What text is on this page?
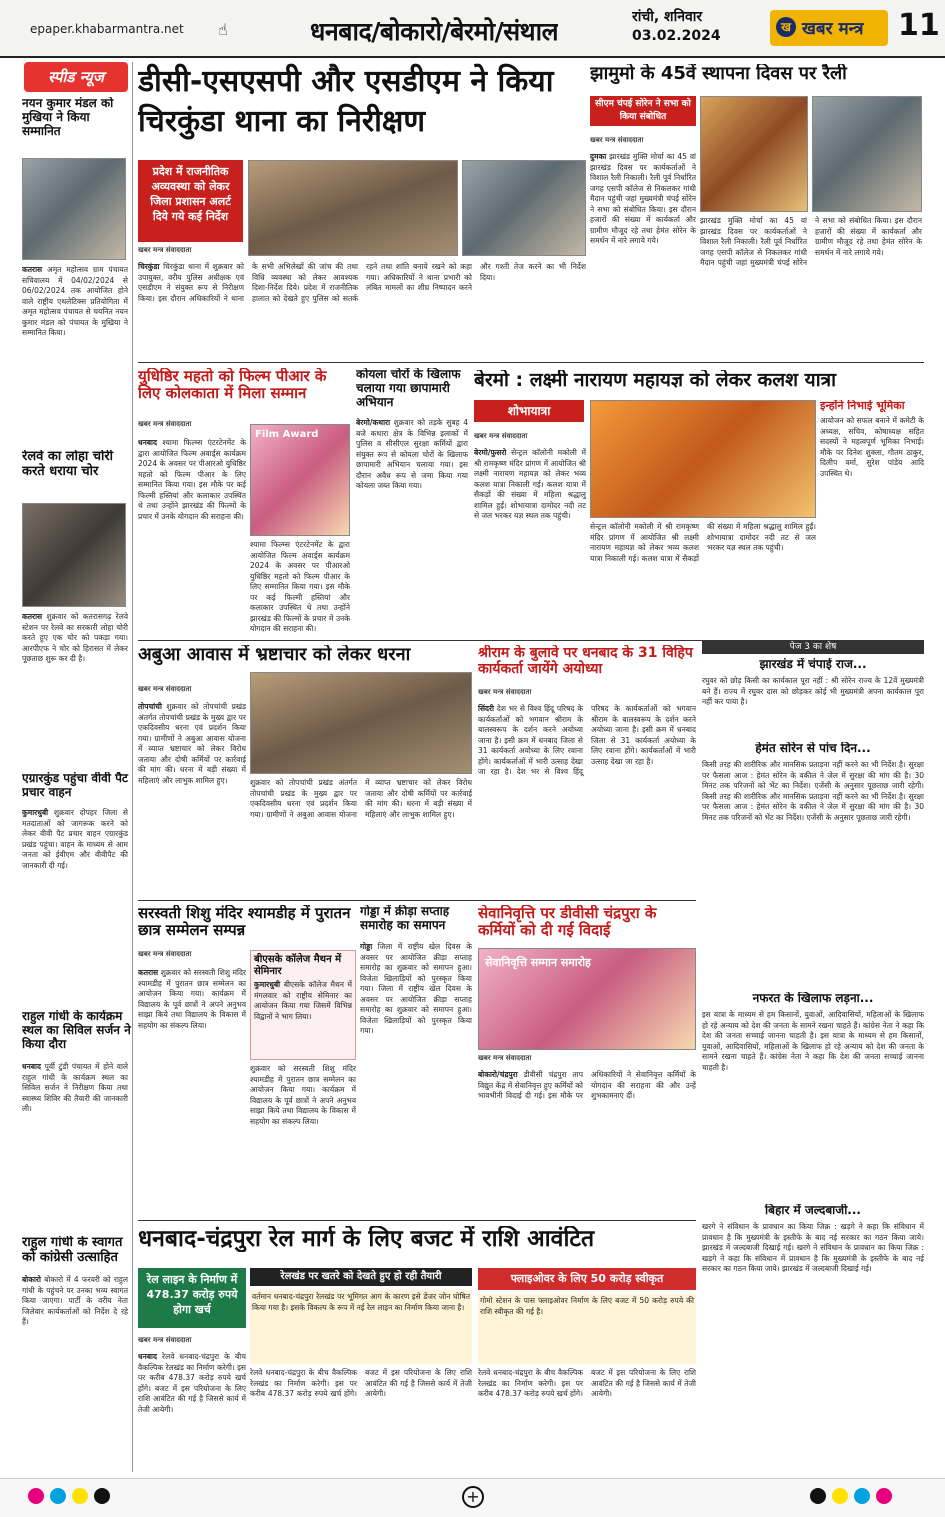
epaper.khabarmantra.net ☝	धनबाद/बोकारो/बेरमो/संथाल	रांची, शनिवार
03.02.2024
ख खबर मन्त्र 11
स्पीड न्यूज
नयन कुमार मंडल को मुखिया ने किया सम्मानित
कतरास अमृत महोत्सव ग्राम पंचायत सचिवालय में 04/02/2024 से 06/02/2024 तक आयोजित होने वाले राष्ट्रीय एथलेटिक्स प्रतियोगिता में अमृत महोत्सव पंचायत से चयनित नयन कुमार मंडल को पंचायत के मुखिया ने सम्मानित किया।
रेलवे का लोहा चोरी करते धराया चोर
कतरास शुक्रवार को कतरासगढ़ रेलवे स्टेशन पर रेलवे का सरकारी लोहा चोरी करते हुए एक चोर को पकड़ा गया। आरपीएफ ने चोर को हिरासत में लेकर पूछताछ शुरू कर दी है।
एग्रारकुंड पहुंचा वीवी पैट प्रचार वाहन
कुमारधुबी शुक्रवार दोपहर जिला से मतदाताओं को जागरूक करने को लेकर वीवी पैट प्रचार वाहन एग्रारकुंड प्रखंड पहुंचा। वाहन के माध्यम से आम जनता को ईवीएम और वीवीपैट की जानकारी दी गई।
राहुल गांधी के कार्यक्रम स्थल का सिविल सर्जन ने किया दौरा
धनबाद पूर्वी टुंडी पंचायत में होने वाले राहुल गांधी के कार्यक्रम स्थल का सिविल सर्जन ने निरीक्षण किया तथा स्वास्थ्य शिविर की तैयारी की जानकारी ली।
राहुल गांधी के स्वागत को कांग्रेसी उत्साहित
बोकारो बोकारो में 4 फरवरी को राहुल गांधी के पहुंचने पर उनका भव्य स्वागत किया जाएगा। पार्टी के वरीय नेता जिलेवार कार्यकर्ताओं को निर्देश दे रहे हैं।
डीसी-एसएसपी और एसडीएम ने किया चिरकुंडा थाना का निरीक्षण
प्रदेश में राजनीतिक अव्यवस्था को लेकर जिला प्रशासन अलर्ट दिये गये कई निर्देश
खबर मन्त्र संवाददाता
चिरकुंडा चिरकुंडा थाना में शुक्रवार को उपायुक्त, वरीय पुलिस अधीक्षक एवं एसडीएम ने संयुक्त रूप से निरीक्षण किया। इस दौरान अधिकारियों ने थाना के सभी अभिलेखों की जांच की तथा विधि व्यवस्था को लेकर आवश्यक दिशा-निर्देश दिये। प्रदेश में राजनीतिक हालात को देखते हुए पुलिस को सतर्क रहने तथा शांति बनाये रखने को कहा गया। अधिकारियों ने थाना प्रभारी को लंबित मामलों का शीघ्र निष्पादन करने और गश्ती तेज करने का भी निर्देश दिया।
झामुमो के 45वें स्थापना दिवस पर रैली
सीएम चंपई सोरेन ने सभा को किया संबोधित
खबर मन्त्र संवाददाता
दुमका झारखंड मुक्ति मोर्चा का 45 वां झारखंड दिवस पर कार्यकर्ताओं ने विशाल रैली निकाली। रैली पूर्व निर्धारित जगह एसपी कॉलेज से निकलकर गांधी मैदान पहुंची जहां मुख्यमंत्री चंपई सोरेन ने सभा को संबोधित किया। इस दौरान हजारों की संख्या में कार्यकर्ता और ग्रामीण मौजूद रहे तथा हेमंत सोरेन के समर्थन में नारे लगाये गये।
झारखंड मुक्ति मोर्चा का 45 वां झारखंड दिवस पर कार्यकर्ताओं ने विशाल रैली निकाली। रैली पूर्व निर्धारित जगह एसपी कॉलेज से निकलकर गांधी मैदान पहुंची जहां मुख्यमंत्री चंपई सोरेन ने सभा को संबोधित किया। इस दौरान हजारों की संख्या में कार्यकर्ता और ग्रामीण मौजूद रहे तथा हेमंत सोरेन के समर्थन में नारे लगाये गये।
युधिष्ठिर महतो को फिल्म पीआर के लिए कोलकाता में मिला सम्मान
खबर मन्त्र संवाददाता
धनबाद श्यामा फिल्म्स एंटरटेनमेंट के द्वारा आयोजित फिल्म अवार्ड्स कार्यक्रम 2024 के अवसर पर पीआरओ युधिष्ठिर महतो को फिल्म पीआर के लिए सम्मानित किया गया। इस मौके पर कई फिल्मी हस्तियां और कलाकार उपस्थित थे तथा उन्होंने झारखंड की फिल्मों के प्रचार में उनके योगदान की सराहना की।
Film Award
श्यामा फिल्म्स एंटरटेनमेंट के द्वारा आयोजित फिल्म अवार्ड्स कार्यक्रम 2024 के अवसर पर पीआरओ युधिष्ठिर महतो को फिल्म पीआर के लिए सम्मानित किया गया। इस मौके पर कई फिल्मी हस्तियां और कलाकार उपस्थित थे तथा उन्होंने झारखंड की फिल्मों के प्रचार में उनके योगदान की सराहना की।
कोयला चोरों के खिलाफ चलाया गया छापामारी अभियान
बेरमो/कथारा शुक्रवार को तड़के सुबह 4 बजे कथारा क्षेत्र के विभिन्न इलाकों में पुलिस व सीसीएल सुरक्षा कर्मियों द्वारा संयुक्त रूप से कोयला चोरों के खिलाफ छापामारी अभियान चलाया गया। इस दौरान अवैध रूप से जमा किया गया कोयला जब्त किया गया।
बेरमो : लक्ष्मी नारायण महायज्ञ को लेकर कलश यात्रा
शोभायात्रा
खबर मन्त्र संवाददाता
बेरमो/फुसरो सेन्ट्रल कॉलोनी मकोली में श्री रामकृष्ण मंदिर प्रांगण में आयोजित श्री लक्ष्मी नारायण महायज्ञ को लेकर भव्य कलश यात्रा निकाली गई। कलश यात्रा में सैकड़ों की संख्या में महिला श्रद्धालु शामिल हुईं। शोभायात्रा दामोदर नदी तट से जल भरकर यज्ञ स्थल तक पहुंची।
सेन्ट्रल कॉलोनी मकोली में श्री रामकृष्ण मंदिर प्रांगण में आयोजित श्री लक्ष्मी नारायण महायज्ञ को लेकर भव्य कलश यात्रा निकाली गई। कलश यात्रा में सैकड़ों की संख्या में महिला श्रद्धालु शामिल हुईं। शोभायात्रा दामोदर नदी तट से जल भरकर यज्ञ स्थल तक पहुंची।
इन्होंने निभाई भूमिका
आयोजन को सफल बनाने में कमेटी के अध्यक्ष, सचिव, कोषाध्यक्ष सहित सदस्यों ने महत्वपूर्ण भूमिका निभाई। मौके पर दिनेश शुक्ला, गौतम ठाकुर, दिलीप वर्मा, सुरेश पांडेय आदि उपस्थित थे।
अबुआ आवास में भ्रष्टाचार को लेकर धरना
खबर मन्त्र संवाददाता
तोपचांची शुक्रवार को तोपचांची प्रखंड अंतर्गत तोपचांची प्रखंड के मुख्य द्वार पर एकदिवसीय धरना एवं प्रदर्शन किया गया। ग्रामीणों ने अबुआ आवास योजना में व्याप्त भ्रष्टाचार को लेकर विरोध जताया और दोषी कर्मियों पर कार्रवाई की मांग की। धरना में बड़ी संख्या में महिलाएं और लाभुक शामिल हुए।	शुक्रवार को तोपचांची प्रखंड अंतर्गत तोपचांची प्रखंड के मुख्य द्वार पर एकदिवसीय धरना एवं प्रदर्शन किया गया। ग्रामीणों ने अबुआ आवास योजना में व्याप्त भ्रष्टाचार को लेकर विरोध जताया और दोषी कर्मियों पर कार्रवाई की मांग की। धरना में बड़ी संख्या में महिलाएं और लाभुक शामिल हुए।
श्रीराम के बुलावे पर धनबाद के 31 विहिप कार्यकर्ता जायेंगे अयोध्या
खबर मन्त्र संवाददाता
सिंदरी देश भर से विश्व हिंदू परिषद के कार्यकर्ताओं को भगवान श्रीराम के बालस्वरूप के दर्शन करने अयोध्या जाना है। इसी क्रम में धनबाद जिला से 31 कार्यकर्ता अयोध्या के लिए रवाना होंगे। कार्यकर्ताओं में भारी उत्साह देखा जा रहा है। देश भर से विश्व हिंदू परिषद के कार्यकर्ताओं को भगवान श्रीराम के बालस्वरूप के दर्शन करने अयोध्या जाना है। इसी क्रम में धनबाद जिला से 31 कार्यकर्ता अयोध्या के लिए रवाना होंगे। कार्यकर्ताओं में भारी उत्साह देखा जा रहा है।
पेज 3 का शेष
झारखंड में चंपाई राज...
रघुवर को छोड़ किसी का कार्यकाल पूरा नहीं : श्री सोरेन राज्य के 12वें मुख्यमंत्री बने हैं। राज्य में रघुवर दास को छोड़कर कोई भी मुख्यमंत्री अपना कार्यकाल पूरा नहीं कर पाया है।
हेमंत सोरेन से पांच दिन...
किसी तरह की शारीरिक और मानसिक प्रताड़ना नहीं करने का भी निर्देश है। सुरक्षा पर फैसला आज : हेमंत सोरेन के वकील ने जेल में सुरक्षा की मांग की है। 30 मिनट तक परिजनों को भेंट का निर्देश। एजेंसी के अनुसार पूछताछ जारी रहेगी। किसी तरह की शारीरिक और मानसिक प्रताड़ना नहीं करने का भी निर्देश है। सुरक्षा पर फैसला आज : हेमंत सोरेन के वकील ने जेल में सुरक्षा की मांग की है। 30 मिनट तक परिजनों को भेंट का निर्देश। एजेंसी के अनुसार पूछताछ जारी रहेगी।
नफरत के खिलाफ लड़ना...
इस यात्रा के माध्यम से हम किसानों, युवाओं, आदिवासियों, महिलाओं के खिलाफ हो रहे अन्याय को देश की जनता के सामने रखना चाहते हैं। कांग्रेस नेता ने कहा कि देश की जनता सच्चाई जानना चाहती है। इस यात्रा के माध्यम से हम किसानों, युवाओं, आदिवासियों, महिलाओं के खिलाफ हो रहे अन्याय को देश की जनता के सामने रखना चाहते हैं। कांग्रेस नेता ने कहा कि देश की जनता सच्चाई जानना चाहती है।
बिहार में जल्दबाजी...
खरगे ने संविधान के प्रावधान का किया जिक्र : खड़गे ने कहा कि संविधान में प्रावधान है कि मुख्यमंत्री के इस्तीफे के बाद नई सरकार का गठन किया जाये। झारखंड में जल्दबाजी दिखाई गई। खरगे ने संविधान के प्रावधान का किया जिक्र : खड़गे ने कहा कि संविधान में प्रावधान है कि मुख्यमंत्री के इस्तीफे के बाद नई सरकार का गठन किया जाये। झारखंड में जल्दबाजी दिखाई गई।
सरस्वती शिशु मंदिर श्यामडीह में पुरातन छात्र सम्मेलन सम्पन्न
खबर मन्त्र संवाददाता
कतरास शुक्रवार को सरस्वती शिशु मंदिर श्यामडीह में पुरातन छात्र सम्मेलन का आयोजन किया गया। कार्यक्रम में विद्यालय के पूर्व छात्रों ने अपने अनुभव साझा किये तथा विद्यालय के विकास में सहयोग का संकल्प लिया।
बीएसके कॉलेज मैथन में सेमिनार
कुमारधुबी बीएसके कॉलेज मैथन में मंगलवार को राष्ट्रीय सेमिनार का आयोजन किया गया जिसमें विभिन्न विद्वानों ने भाग लिया।
शुक्रवार को सरस्वती शिशु मंदिर श्यामडीह में पुरातन छात्र सम्मेलन का आयोजन किया गया। कार्यक्रम में विद्यालय के पूर्व छात्रों ने अपने अनुभव साझा किये तथा विद्यालय के विकास में सहयोग का संकल्प लिया।
गोड्डा में क्रीड़ा सप्ताह समारोह का समापन
गोड्डा जिला में राष्ट्रीय खेल दिवस के अवसर पर आयोजित क्रीड़ा सप्ताह समारोह का शुक्रवार को समापन हुआ। विजेता खिलाड़ियों को पुरस्कृत किया गया। जिला में राष्ट्रीय खेल दिवस के अवसर पर आयोजित क्रीड़ा सप्ताह समारोह का शुक्रवार को समापन हुआ। विजेता खिलाड़ियों को पुरस्कृत किया गया।
सेवानिवृत्ति पर डीवीसी चंद्रपुरा के कर्मियों को दी गई विदाई
सेवानिवृत्ति सम्मान समारोह
खबर मन्त्र संवाददाता
बोकारो/चंद्रपुरा डीवीसी चंद्रपुरा ताप विद्युत केंद्र में सेवानिवृत्त हुए कर्मियों को भावभीनी विदाई दी गई। इस मौके पर अधिकारियों ने सेवानिवृत्त कर्मियों के योगदान की सराहना की और उन्हें शुभकामनाएं दीं।
धनबाद-चंद्रपुरा रेल मार्ग के लिए बजट में राशि आवंटित
रेल लाइन के निर्माण में 478.37 करोड़ रुपये होगा खर्च
खबर मन्त्र संवाददाता
धनबाद रेलवे धनबाद-चंद्रपुरा के बीच वैकल्पिक रेलखंड का निर्माण करेगी। इस पर करीब 478.37 करोड़ रुपये खर्च होंगे। बजट में इस परियोजना के लिए राशि आवंटित की गई है जिससे कार्य में तेजी आयेगी।
रेलखंड पर खतरे को देखते हुए हो रही तैयारी
वर्तमान धनबाद-चंद्रपुरा रेलखंड पर भूमिगत आग के कारण इसे डेंजर जोन घोषित किया गया है। इसके विकल्प के रूप में नई रेल लाइन का निर्माण किया जाना है।
रेलवे धनबाद-चंद्रपुरा के बीच वैकल्पिक रेलखंड का निर्माण करेगी। इस पर करीब 478.37 करोड़ रुपये खर्च होंगे। बजट में इस परियोजना के लिए राशि आवंटित की गई है जिससे कार्य में तेजी आयेगी।
फ्लाइओवर के लिए 50 करोड़ स्वीकृत
गोमो स्टेशन के पास फ्लाइओवर निर्माण के लिए बजट में 50 करोड़ रुपये की राशि स्वीकृत की गई है।
रेलवे धनबाद-चंद्रपुरा के बीच वैकल्पिक रेलखंड का निर्माण करेगी। इस पर करीब 478.37 करोड़ रुपये खर्च होंगे। बजट में इस परियोजना के लिए राशि आवंटित की गई है जिससे कार्य में तेजी आयेगी।
+
